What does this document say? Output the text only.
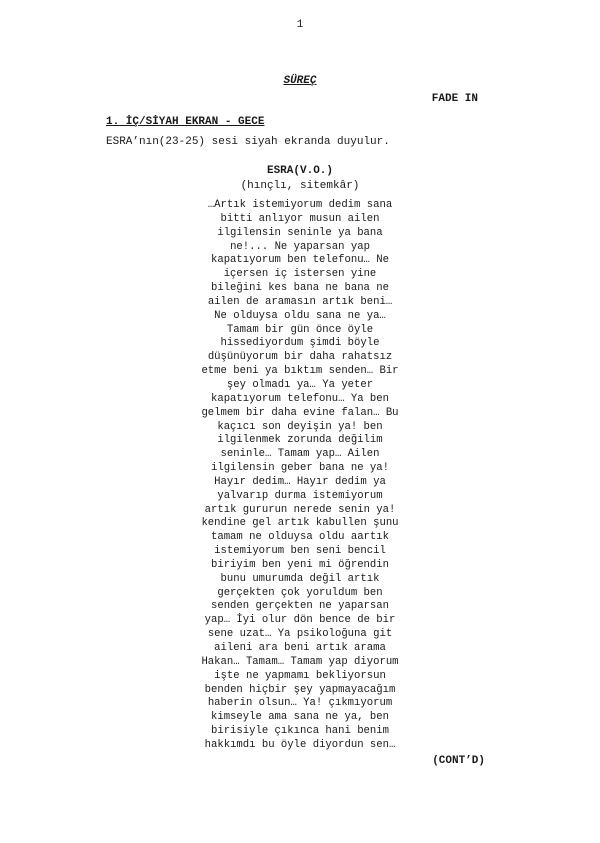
1
SÜREÇ
FADE IN
1. İÇ/SİYAH EKRAN - GECE
ESRA’nın(23-25) sesi siyah ekranda duyulur.
ESRA(V.O.)
(hınçlı, sitemkâr)
…Artık istemiyorum dedim sana
bitti anlıyor musun ailen
ilgilensin seninle ya bana
ne!... Ne yaparsan yap
kapatıyorum ben telefonu… Ne
içersen iç istersen yine
bileğini kes bana ne bana ne
ailen de aramasın artık beni…
Ne olduysa oldu sana ne ya…
Tamam bir gün önce öyle
hissediyordum şimdi böyle
düşünüyorum bir daha rahatsız
etme beni ya bıktım senden… Bir
şey olmadı ya… Ya yeter
kapatıyorum telefonu… Ya ben
gelmem bir daha evine falan… Bu
kaçıcı son deyişin ya! ben
ilgilenmek zorunda değilim
seninle… Tamam yap… Ailen
ilgilensin geber bana ne ya!
Hayır dedim… Hayır dedim ya
yalvarıp durma istemiyorum
artık gururun nerede senin ya!
kendine gel artık kabullen şunu
tamam ne olduysa oldu aartık
istemiyorum ben seni bencil
biriyim ben yeni mi öğrendin
bunu umurumda değil artık
gerçekten çok yoruldum ben
senden gerçekten ne yaparsan
yap… İyi olur dön bence de bir
sene uzat… Ya psikoloğuna git
aileni ara beni artık arama
Hakan… Tamam… Tamam yap diyorum
işte ne yapmamı bekliyorsun
benden hiçbir şey yapmayacağım
haberin olsun… Ya! çıkmıyorum
kimseyle ama sana ne ya, ben
birisiyle çıkınca hani benim
hakkımdı bu öyle diyordun sen…
(CONT’D)
